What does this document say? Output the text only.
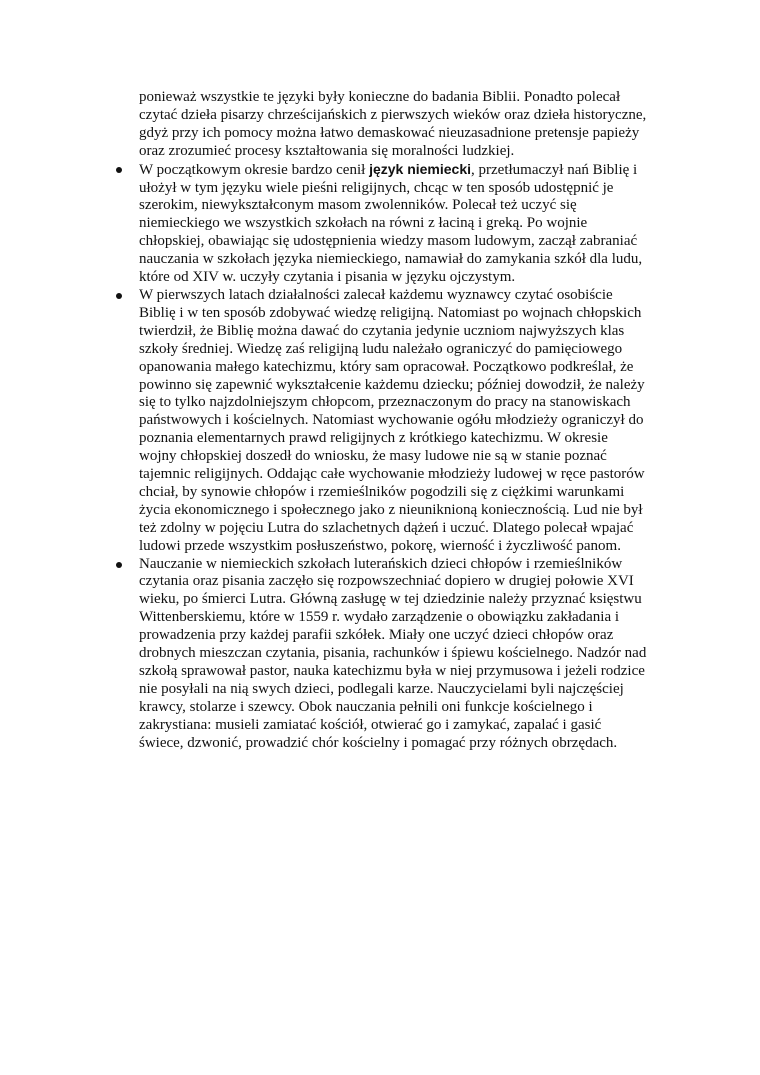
ponieważ wszystkie te języki były konieczne do badania Biblii. Ponadto polecał czytać dzieła pisarzy chrześcijańskich z pierwszych wieków oraz dzieła historyczne, gdyż przy ich pomocy można łatwo demaskować nieuzasadnione pretensje papieży oraz zrozumieć procesy kształtowania się moralności ludzkiej.

W początkowym okresie bardzo cenił język niemiecki, przetłumaczył nań Biblię i ułożył w tym języku wiele pieśni religijnych, chcąc w ten sposób udostępnić je szerokim, niewykształconym masom zwolenników. Polecał też uczyć się niemieckiego we wszystkich szkołach na równi z łaciną i greką. Po wojnie chłopskiej, obawiając się udostępnienia wiedzy masom ludowym, zaczął zabraniać nauczania w szkołach języka niemieckiego, namawiał do zamykania szkół dla ludu, które od XIV w. uczyły czytania i pisania w języku ojczystym.
W pierwszych latach działalności zalecał każdemu wyznawcy czytać osobiście Biblię i w ten sposób zdobywać wiedzę religijną. Natomiast po wojnach chłopskich twierdził, że Biblię można dawać do czytania jedynie uczniom najwyższych klas szkoły średniej. Wiedzę zaś religijną ludu należało ograniczyć do pamięciowego opanowania małego katechizmu, który sam opracował. Początkowo podkreślał, że powinno się zapewnić wykształcenie każdemu dziecku; później dowodził, że należy się to tylko najzdolniejszym chłopcom, przeznaczonym do pracy na stanowiskach państwowych i kościelnych. Natomiast wychowanie ogółu młodzieży ograniczył do poznania elementarnych prawd religijnych z krótkiego katechizmu. W okresie wojny chłopskiej doszedł do wniosku, że masy ludowe nie są w stanie poznać tajemnic religijnych. Oddając całe wychowanie młodzieży ludowej w ręce pastorów chciał, by synowie chłopów i rzemieślników pogodzili się z ciężkimi warunkami życia ekonomicznego i społecznego jako z nieuniknioną koniecznością. Lud nie był też zdolny w pojęciu Lutra do szlachetnych dążeń i uczuć. Dlatego polecał wpajać ludowi przede wszystkim posłuszeństwo, pokorę, wierność i życzliwość panom.
Nauczanie w niemieckich szkołach luterańskich dzieci chłopów i rzemieślników czytania oraz pisania zaczęło się rozpowszechniać dopiero w drugiej połowie XVI wieku, po śmierci Lutra. Główną zasługę w tej dziedzinie należy przyznać księstwu Wittenberskiemu, które w 1559 r. wydało zarządzenie o obowiązku zakładania i prowadzenia przy każdej parafii szkółek. Miały one uczyć dzieci chłopów oraz drobnych mieszczan czytania, pisania, rachunków i śpiewu kościelnego. Nadzór nad szkołą sprawował pastor, nauka katechizmu była w niej przymusowa i jeżeli rodzice nie posyłali na nią swych dzieci, podlegali karze. Nauczycielami byli najczęściej krawcy, stolarze i szewcy. Obok nauczania pełnili oni funkcje kościelnego i zakrystiana: musieli zamiatać kościół, otwierać go i zamykać, zapalać i gasić świece, dzwonić, prowadzić chór kościelny i pomagać przy różnych obrzędach.
